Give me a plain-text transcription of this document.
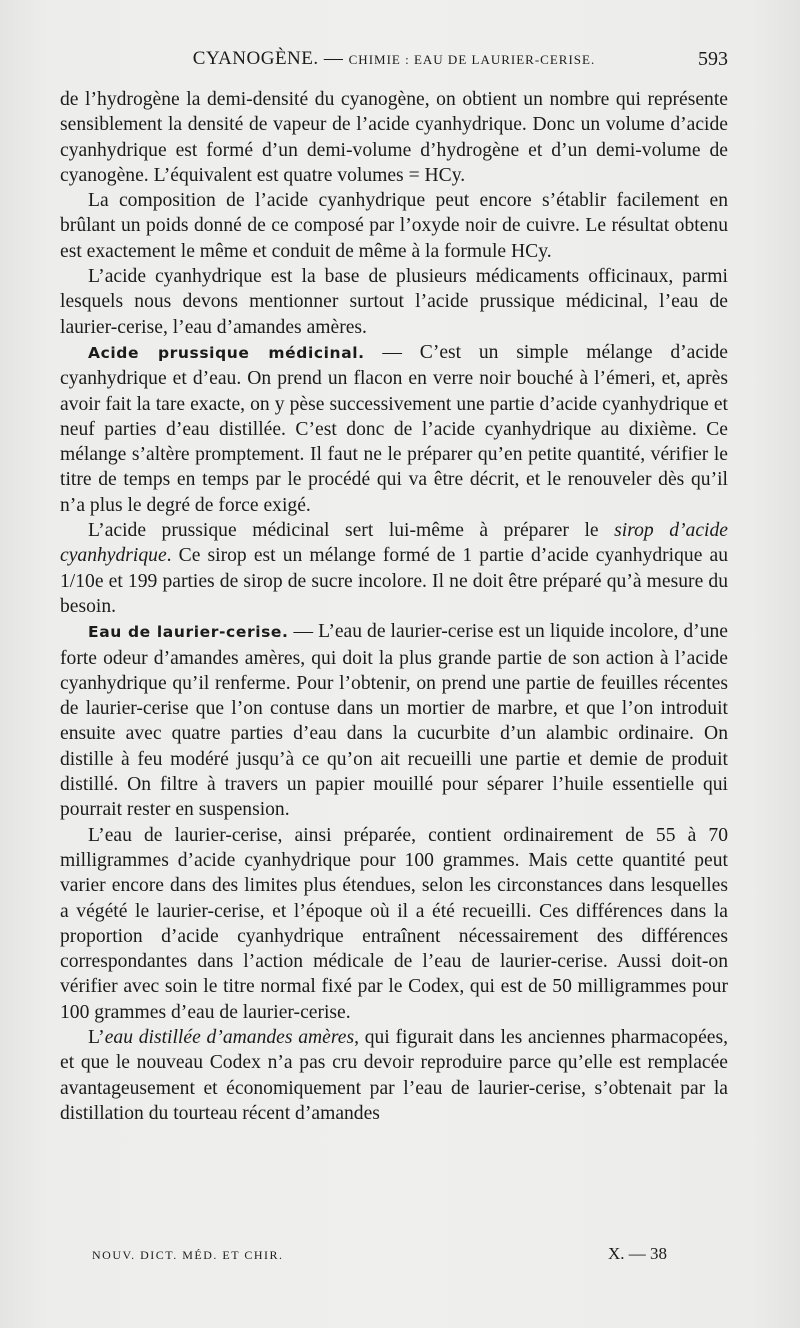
CYANOGÈNE. — CHIMIE : EAU DE LAURIER-CERISE.	593

de l’hydrogène la demi-densité du cyanogène, on obtient un nombre qui représente sensiblement la densité de vapeur de l’acide cyanhydrique. Donc un volume d’acide cyanhydrique est formé d’un demi-volume d’hydrogène et d’un demi-volume de cyanogène. L’équivalent est quatre volumes = HCy.

La composition de l’acide cyanhydrique peut encore s’établir facilement en brûlant un poids donné de ce composé par l’oxyde noir de cuivre. Le résultat obtenu est exactement le même et conduit de même à la formule HCy.

L’acide cyanhydrique est la base de plusieurs médicaments officinaux, parmi lesquels nous devons mentionner surtout l’acide prussique médicinal, l’eau de laurier-cerise, l’eau d’amandes amères.

Acide prussique médicinal. — C’est un simple mélange d’acide cyanhydrique et d’eau. On prend un flacon en verre noir bouché à l’émeri, et, après avoir fait la tare exacte, on y pèse successivement une partie d’acide cyanhydrique et neuf parties d’eau distillée. C’est donc de l’acide cyanhydrique au dixième. Ce mélange s’altère promptement. Il faut ne le préparer qu’en petite quantité, vérifier le titre de temps en temps par le procédé qui va être décrit, et le renouveler dès qu’il n’a plus le degré de force exigé.

L’acide prussique médicinal sert lui-même à préparer le sirop d’acide cyanhydrique. Ce sirop est un mélange formé de 1 partie d’acide cyanhydrique au 1/10e et 199 parties de sirop de sucre incolore. Il ne doit être préparé qu’à mesure du besoin.

Eau de laurier-cerise. — L’eau de laurier-cerise est un liquide incolore, d’une forte odeur d’amandes amères, qui doit la plus grande partie de son action à l’acide cyanhydrique qu’il renferme. Pour l’obtenir, on prend une partie de feuilles récentes de laurier-cerise que l’on contuse dans un mortier de marbre, et que l’on introduit ensuite avec quatre parties d’eau dans la cucurbite d’un alambic ordinaire. On distille à feu modéré jusqu’à ce qu’on ait recueilli une partie et demie de produit distillé. On filtre à travers un papier mouillé pour séparer l’huile essentielle qui pourrait rester en suspension.

L’eau de laurier-cerise, ainsi préparée, contient ordinairement de 55 à 70 milligrammes d’acide cyanhydrique pour 100 grammes. Mais cette quantité peut varier encore dans des limites plus étendues, selon les circonstances dans lesquelles a végété le laurier-cerise, et l’époque où il a été recueilli. Ces différences dans la proportion d’acide cyanhydrique entraînent nécessairement des différences correspondantes dans l’action médicale de l’eau de laurier-cerise. Aussi doit-on vérifier avec soin le titre normal fixé par le Codex, qui est de 50 milligrammes pour 100 grammes d’eau de laurier-cerise.

L’eau distillée d’amandes amères, qui figurait dans les anciennes pharmacopées, et que le nouveau Codex n’a pas cru devoir reproduire parce qu’elle est remplacée avantageusement et économiquement par l’eau de laurier-cerise, s’obtenait par la distillation du tourteau récent d’amandes

NOUV. DICT. MÉD. ET CHIR.	X. — 38
